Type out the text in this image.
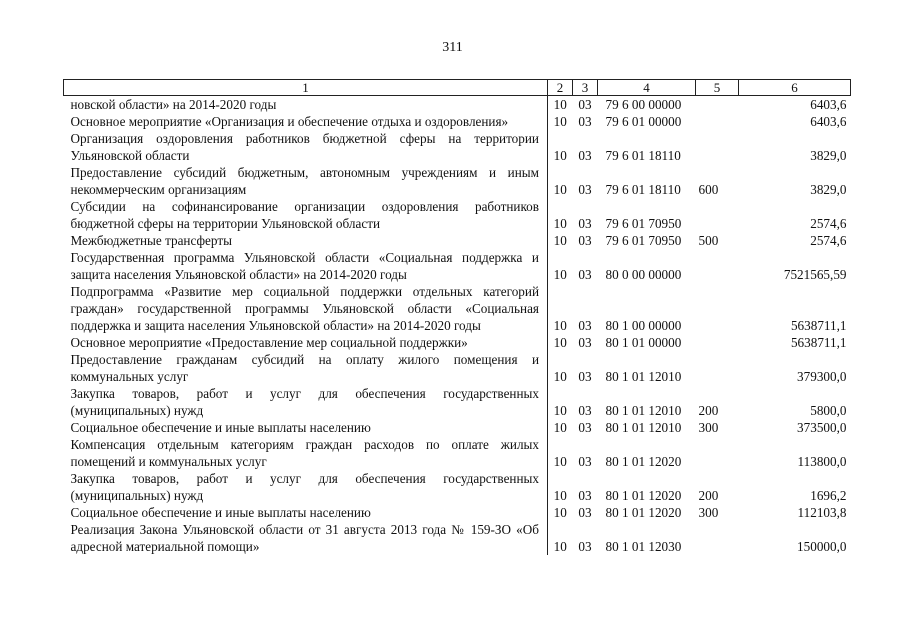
311
1	2	3	4	5	6
новской области» на 2014-2020 годы	10	03	79 6 00 00000		6403,6
Основное мероприятие «Организация и обеспечение отдыха и оздоровления»	10	03	79 6 01 00000		6403,6
Организация оздоровления работников бюджетной сферы на территории Ульяновской области	10	03	79 6 01 18110		3829,0
Предоставление субсидий бюджетным, автономным учреждениям и иным некоммерческим организациям	10	03	79 6 01 18110	600	3829,0
Субсидии на софинансирование организации оздоровления работников бюджетной сферы на территории Ульяновской области	10	03	79 6 01 70950		2574,6
Межбюджетные трансферты	10	03	79 6 01 70950	500	2574,6
Государственная программа Ульяновской области «Социальная поддержка и защита населения Ульяновской области» на 2014-2020 годы	10	03	80 0 00 00000		7521565,59
Подпрограмма «Развитие мер социальной поддержки отдельных категорий граждан» государственной программы Ульяновской области «Социальная поддержка и защита населения Ульяновской области» на 2014-2020 годы	10	03	80 1 00 00000		5638711,1
Основное мероприятие «Предоставление мер социальной поддержки»	10	03	80 1 01 00000		5638711,1
Предоставление гражданам субсидий на оплату жилого помещения и коммунальных услуг	10	03	80 1 01 12010		379300,0
Закупка товаров, работ и услуг для обеспечения государственных (муниципальных) нужд	10	03	80 1 01 12010	200	5800,0
Социальное обеспечение и иные выплаты населению	10	03	80 1 01 12010	300	373500,0
Компенсация отдельным категориям граждан расходов по оплате жилых помещений и коммунальных услуг	10	03	80 1 01 12020		113800,0
Закупка товаров, работ и услуг для обеспечения государственных (муниципальных) нужд	10	03	80 1 01 12020	200	1696,2
Социальное обеспечение и иные выплаты населению	10	03	80 1 01 12020	300	112103,8
Реализация Закона Ульяновской области от 31 августа 2013 года № 159-ЗО «Об адресной материальной помощи»	10	03	80 1 01 12030		150000,0
